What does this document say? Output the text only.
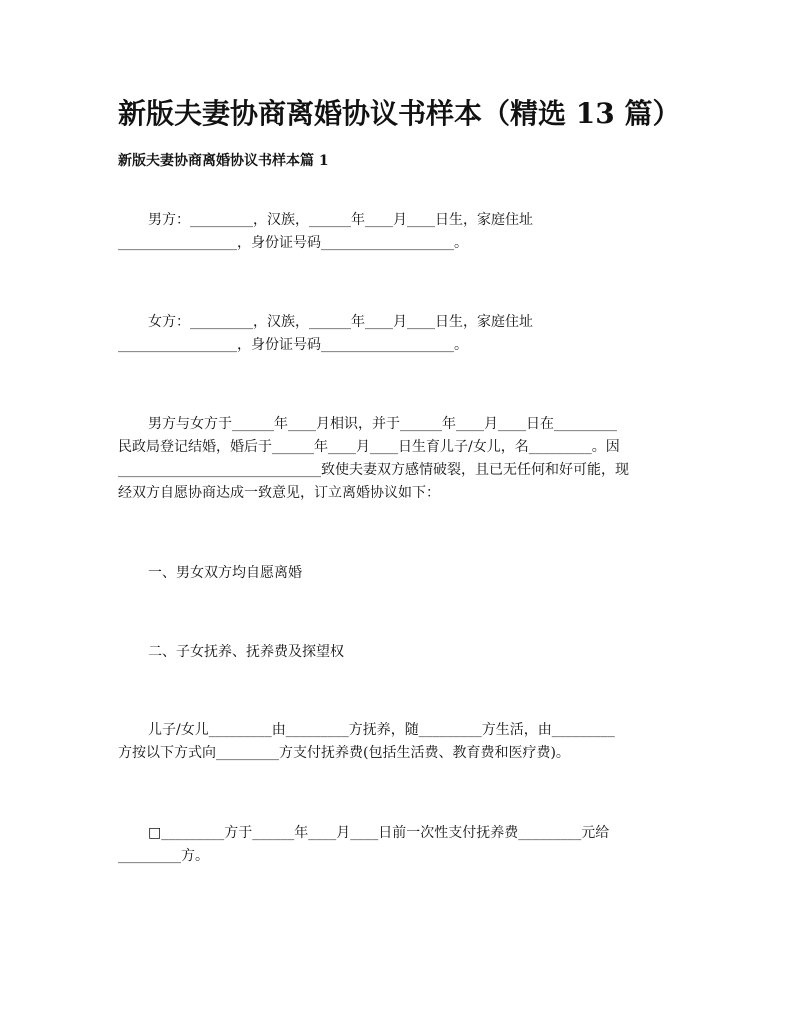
新版夫妻协商离婚协议书样本（精选 13 篇）
新版夫妻协商离婚协议书样本篇 1
男方：_________，汉族，______年____月____日生，家庭住址
_________________，身份证号码___________________。
女方：_________，汉族，______年____月____日生，家庭住址
_________________，身份证号码___________________。
男方与女方于______年____月相识，并于______年____月____日在_________
民政局登记结婚，婚后于______年____月____日生育儿子/女儿，名_________。因
_____________________________致使夫妻双方感情破裂，且已无任何和好可能，现
经双方自愿协商达成一致意见，订立离婚协议如下：
一、男女双方均自愿离婚
二、子女抚养、抚养费及探望权
儿子/女儿_________由_________方抚养，随_________方生活，由_________
方按以下方式向_________方支付抚养费(包括生活费、教育费和医疗费)。
□_________方于______年____月____日前一次性支付抚养费_________元给
_________方。
